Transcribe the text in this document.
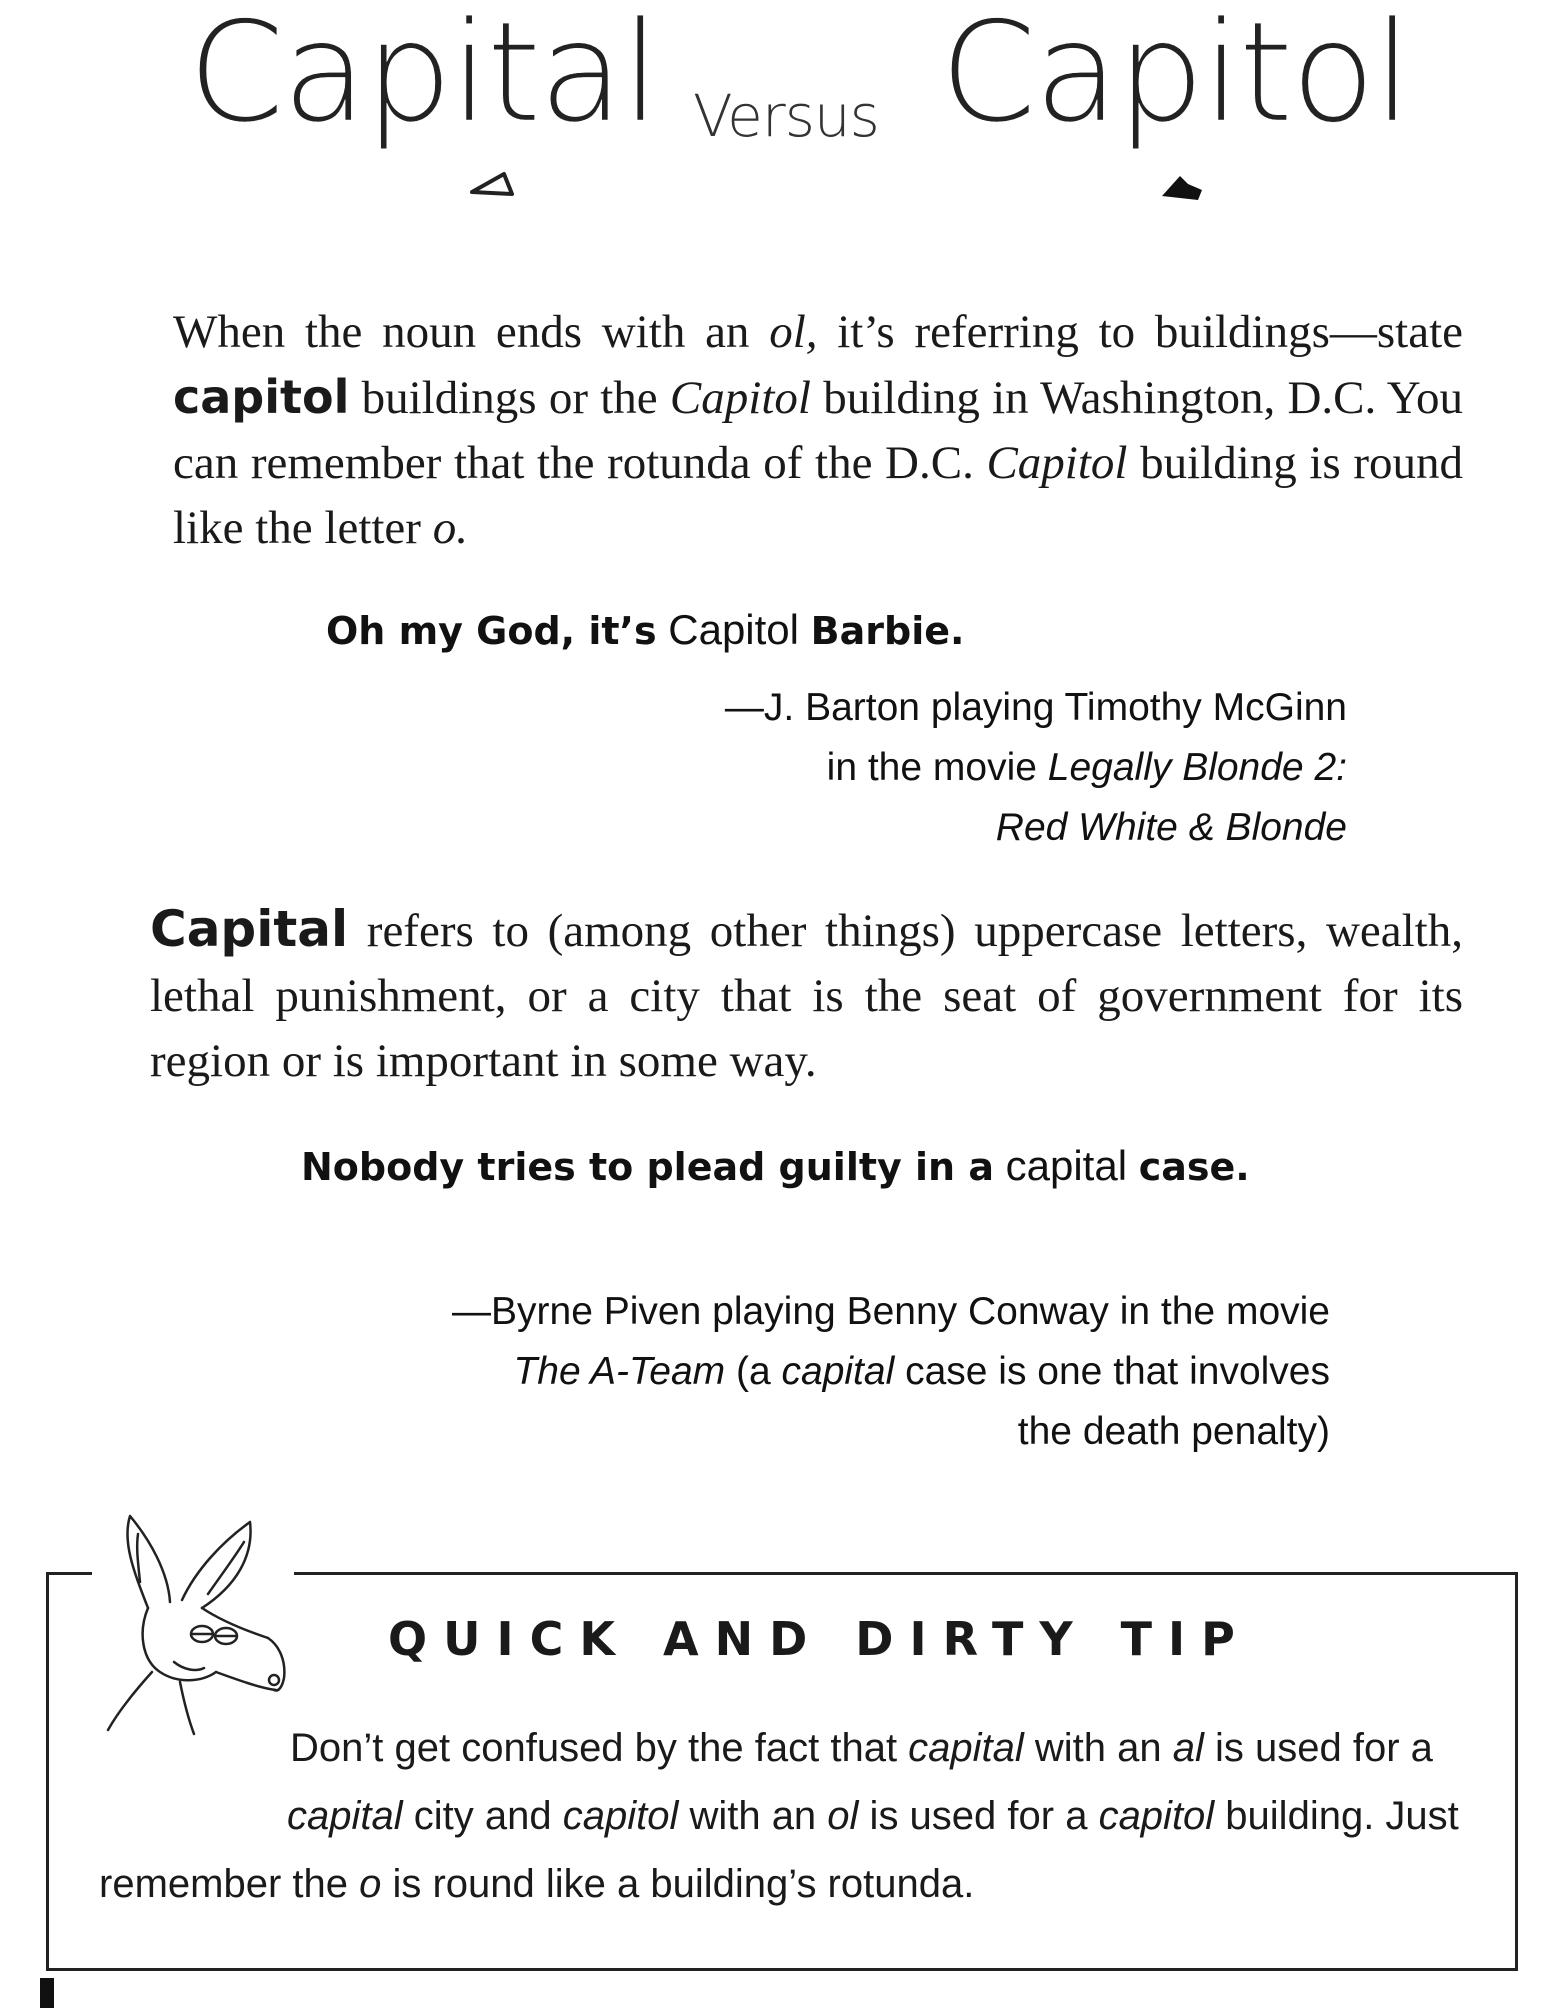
Capital Versus Capitol

When the noun ends with an ol, it’s referring to buildings—state capitol buildings or the Capitol building in Washington, D.C. You can remember that the rotunda of the D.C. Capitol building is round like the letter o.

Oh my God, it’s Capitol Barbie.

—J. Barton playing Timothy McGinn
in the movie Legally Blonde 2:
Red White & Blonde

Capital refers to (among other things) uppercase letters, wealth, lethal punishment, or a city that is the seat of government for its region or is important in some way.

Nobody tries to plead guilty in a capital case.

—Byrne Piven playing Benny Conway in the movie
The A-Team (a capital case is one that involves
the death penalty)

QUICK AND DIRTY TIP

Don’t get confused by the fact that capital with an al is used for a

capital city and capitol with an ol is used for a capitol building. Just

remember the o is round like a building’s rotunda.
